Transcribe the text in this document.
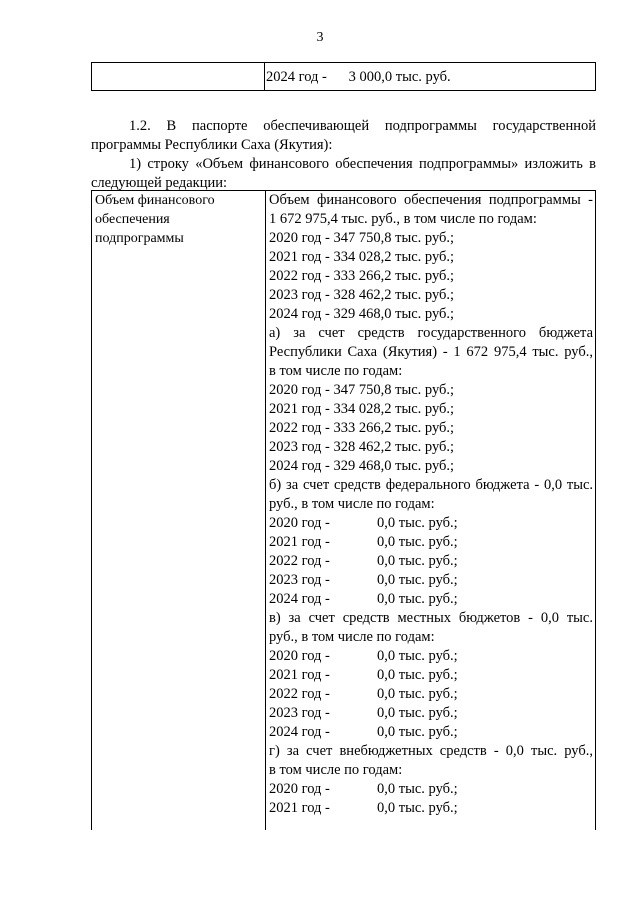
3
2024 год -      3 000,0 тыс. руб.
1.2. В паспорте обеспечивающей подпрограммы государственной программы Республики Саха (Якутия):
1) строку «Объем финансового обеспечения подпрограммы» изложить в следующей редакции:
Объем финансового
обеспечения
подпрограммы
Объем финансового обеспечения подпрограммы -
1 672 975,4 тыс. руб., в том числе по годам:
2020 год - 347 750,8 тыс. руб.;
2021 год - 334 028,2 тыс. руб.;
2022 год - 333 266,2 тыс. руб.;
2023 год - 328 462,2 тыс. руб.;
2024 год - 329 468,0 тыс. руб.;
а) за счет средств государственного бюджета
Республики Саха (Якутия) - 1 672 975,4 тыс. руб.,
в том числе по годам:
2020 год - 347 750,8 тыс. руб.;
2021 год - 334 028,2 тыс. руб.;
2022 год - 333 266,2 тыс. руб.;
2023 год - 328 462,2 тыс. руб.;
2024 год - 329 468,0 тыс. руб.;
б) за счет средств федерального бюджета - 0,0 тыс.
руб., в том числе по годам:
2020 год -	0,0 тыс. руб.;
2021 год -	0,0 тыс. руб.;
2022 год -	0,0 тыс. руб.;
2023 год -	0,0 тыс. руб.;
2024 год -	0,0 тыс. руб.;
в) за счет средств местных бюджетов - 0,0 тыс.
руб., в том числе по годам:
2020 год -	0,0 тыс. руб.;
2021 год -	0,0 тыс. руб.;
2022 год -	0,0 тыс. руб.;
2023 год -	0,0 тыс. руб.;
2024 год -	0,0 тыс. руб.;
г) за счет внебюджетных средств - 0,0 тыс. руб.,
в том числе по годам:
2020 год -	0,0 тыс. руб.;
2021 год -	0,0 тыс. руб.;
